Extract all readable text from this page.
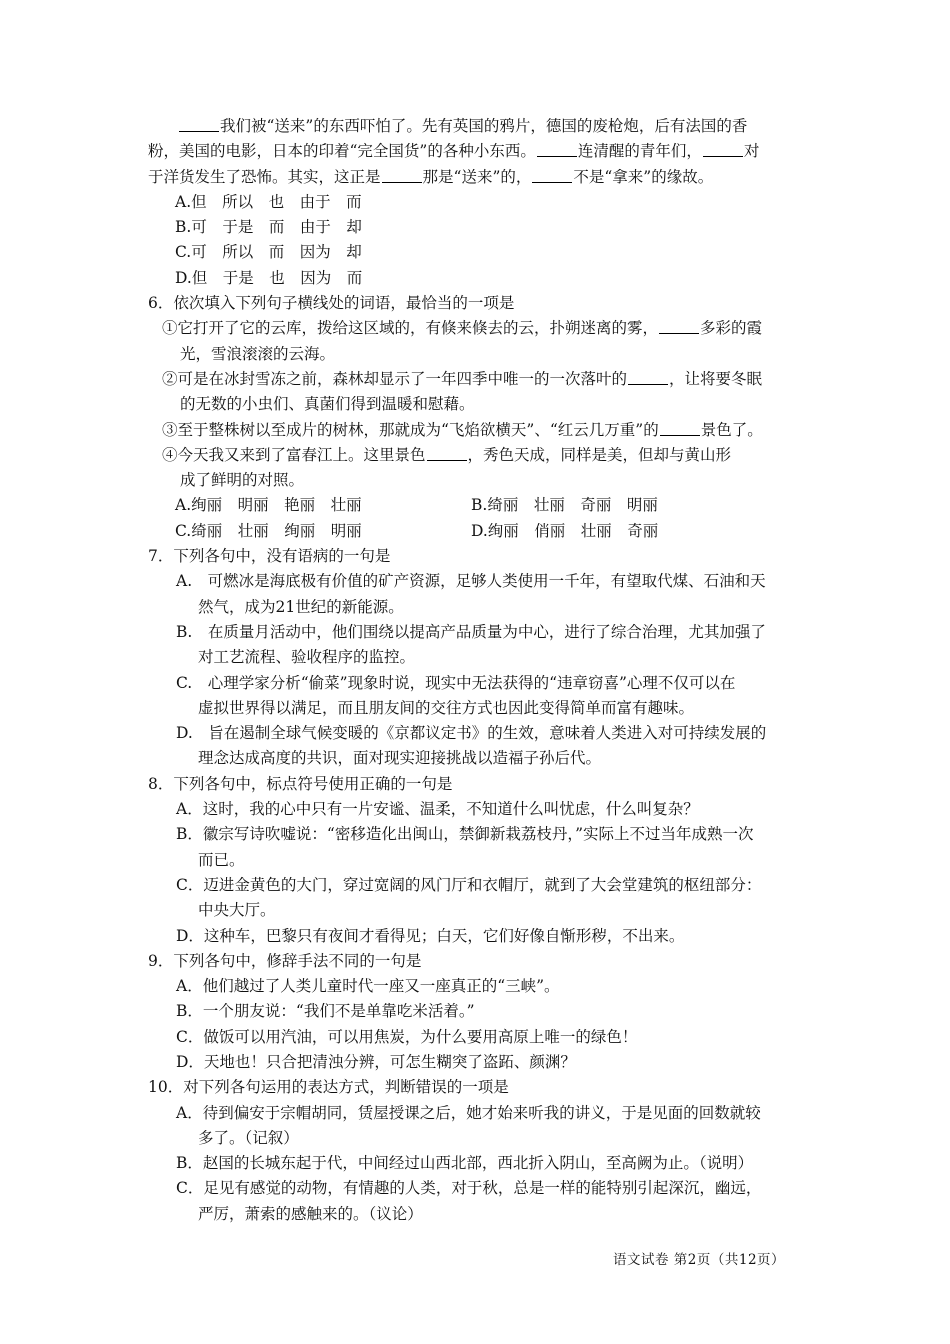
我们被“送来”的东西吓怕了。先有英国的鸦片，德国的废枪炮，后有法国的香

粉，美国的电影，日本的印着“完全国货”的各种小东西。	连清醒的青年们，	对

于洋货发生了恐怖。其实，这正是	那是“送来”的，	不是“拿来”的缘故。

A.但　所以　也　由于　而
B.可　于是　而　由于　却
C.可　所以　而　因为　却
D.但　于是　也　因为　而

6．依次填入下列句子横线处的词语，最恰当的一项是

①它打开了它的云库，拨给这区域的，有倏来倏去的云，扑朔迷离的雾，	多彩的霞
光，雪浪滚滚的云海。
②可是在冰封雪冻之前，森林却显示了一年四季中唯一的一次落叶的	，让将要冬眠
的无数的小虫们、真菌们得到温暖和慰藉。
③至于整株树以至成片的树林，那就成为“飞焰欲横天”、“红云几万重”的	景色了。
④今天我又来到了富春江上。这里景色	，秀色天成，同样是美，但却与黄山形
成了鲜明的对照。
A.绚丽　明丽　艳丽　壮丽	B.绮丽　壮丽　奇丽　明丽
C.绮丽　壮丽　绚丽　明丽	D.绚丽　俏丽　壮丽　奇丽

7．下列各句中，没有语病的一句是

A.　可燃冰是海底极有价值的矿产资源，足够人类使用一千年，有望取代煤、石油和天
然气，成为21世纪的新能源。
B.　在质量月活动中，他们围绕以提高产品质量为中心，进行了综合治理，尤其加强了
对工艺流程、验收程序的监控。
C.　心理学家分析“偷菜”现象时说，现实中无法获得的“违章窃喜”心理不仅可以在
虚拟世界得以满足，而且朋友间的交往方式也因此变得简单而富有趣味。
D.　旨在遏制全球气候变暖的《京都议定书》的生效，意味着人类进入对可持续发展的
理念达成高度的共识，面对现实迎接挑战以造福子孙后代。

8．下列各句中，标点符号使用正确的一句是

A．这时，我的心中只有一片安谧、温柔，不知道什么叫忧虑，什么叫复杂？
B．徽宗写诗吹嘘说：“密移造化出闽山，禁御新栽荔枝丹，”实际上不过当年成熟一次
而已。
C．迈进金黄色的大门，穿过宽阔的风门厅和衣帽厅，就到了大会堂建筑的枢纽部分：
中央大厅。
D．这种车，巴黎只有夜间才看得见；白天，它们好像自惭形秽，不出来。

9．下列各句中，修辞手法不同的一句是

A．他们越过了人类儿童时代一座又一座真正的“三峡”。
B．一个朋友说：“我们不是单靠吃米活着。”
C．做饭可以用汽油，可以用焦炭，为什么要用高原上唯一的绿色！
D．天地也！只合把清浊分辨，可怎生糊突了盗跖、颜渊？

10．对下列各句运用的表达方式，判断错误的一项是

A．待到偏安于宗帽胡同，赁屋授课之后，她才始来听我的讲义，于是见面的回数就较
多了。（记叙）
B．赵国的长城东起于代，中间经过山西北部，西北折入阴山，至高阙为止。（说明）
C．足见有感觉的动物，有情趣的人类，对于秋，总是一样的能特别引起深沉，幽远，
严厉，萧索的感触来的。（议论）
语文试卷 第2页（共12页）
